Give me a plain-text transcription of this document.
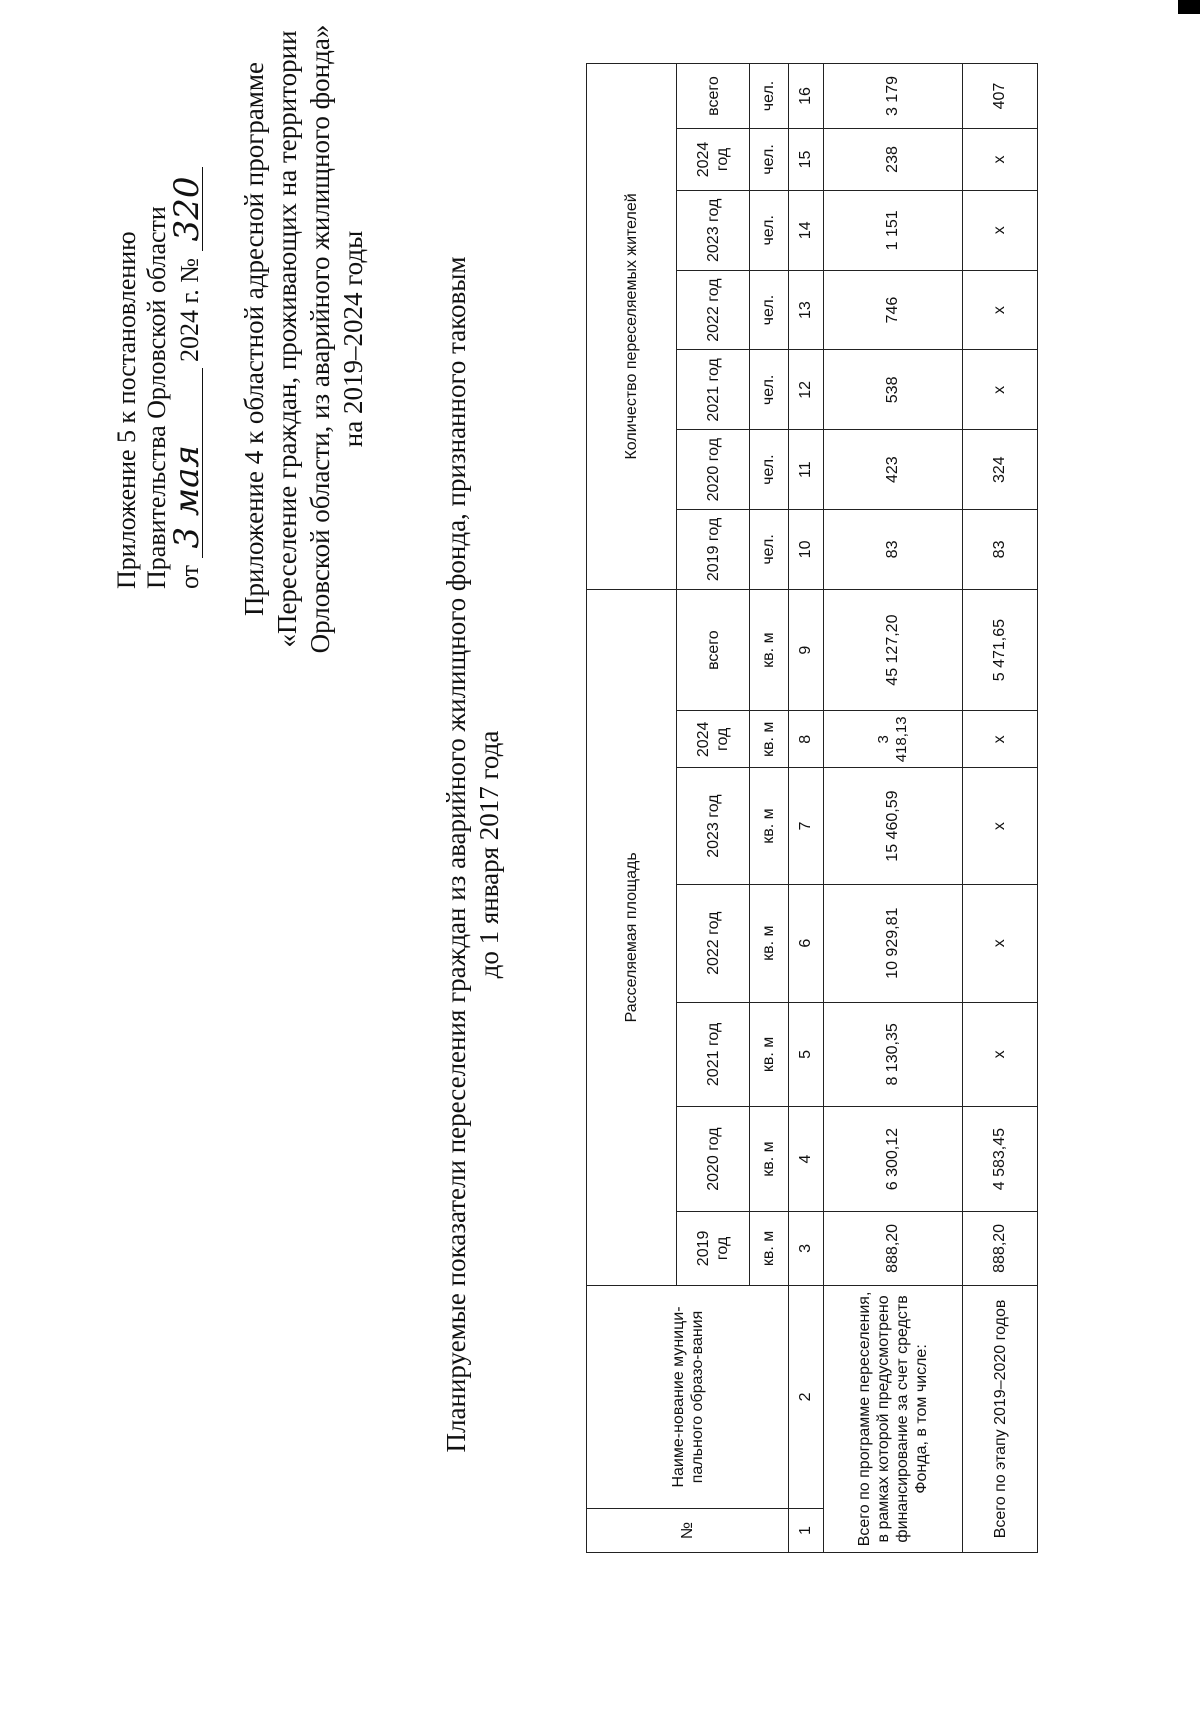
Приложение 5 к постановлению Правительства Орловской области от 3 мая 2024 г. № 320 Приложение 4 к областной адресной программе «Переселение граждан, проживающих на территории Орловской области, из аварийного жилищного фонда» на 2019–2024 годы	Планируемые показатели переселения граждан из аварийного жилищного фонда, признанного таковым до 1 января 2017 года
№	Наиме-нование муници-пального образо-вания	Расселяемая площадь							Количество переселяемых жителей						
		2019 год	2020 год	2021 год	2022 год	2023 год	2024 год	всего	2019 год	2020 год	2021 год	2022 год	2023 год	2024 год	всего
		кв. м	кв. м	кв. м	кв. м	кв. м	кв. м	кв. м	чел.	чел.	чел.	чел.	чел.	чел.	чел.
1	2	3	4	5	6	7	8	9	10	11	12	13	14	15	16
Всего по программе переселения, в рамках которой предусмотрено финансирование за счет средств Фонда, в том числе:		888,20	6 300,12	8 130,35	10 929,81	15 460,59	3 418,13	45 127,20	83	423	538	746	1 151	238	3 179
Всего по этапу 2019–2020 годов		888,20	4 583,45	x	x	x	x	5 471,65	83	324	x	x	x	x	407
